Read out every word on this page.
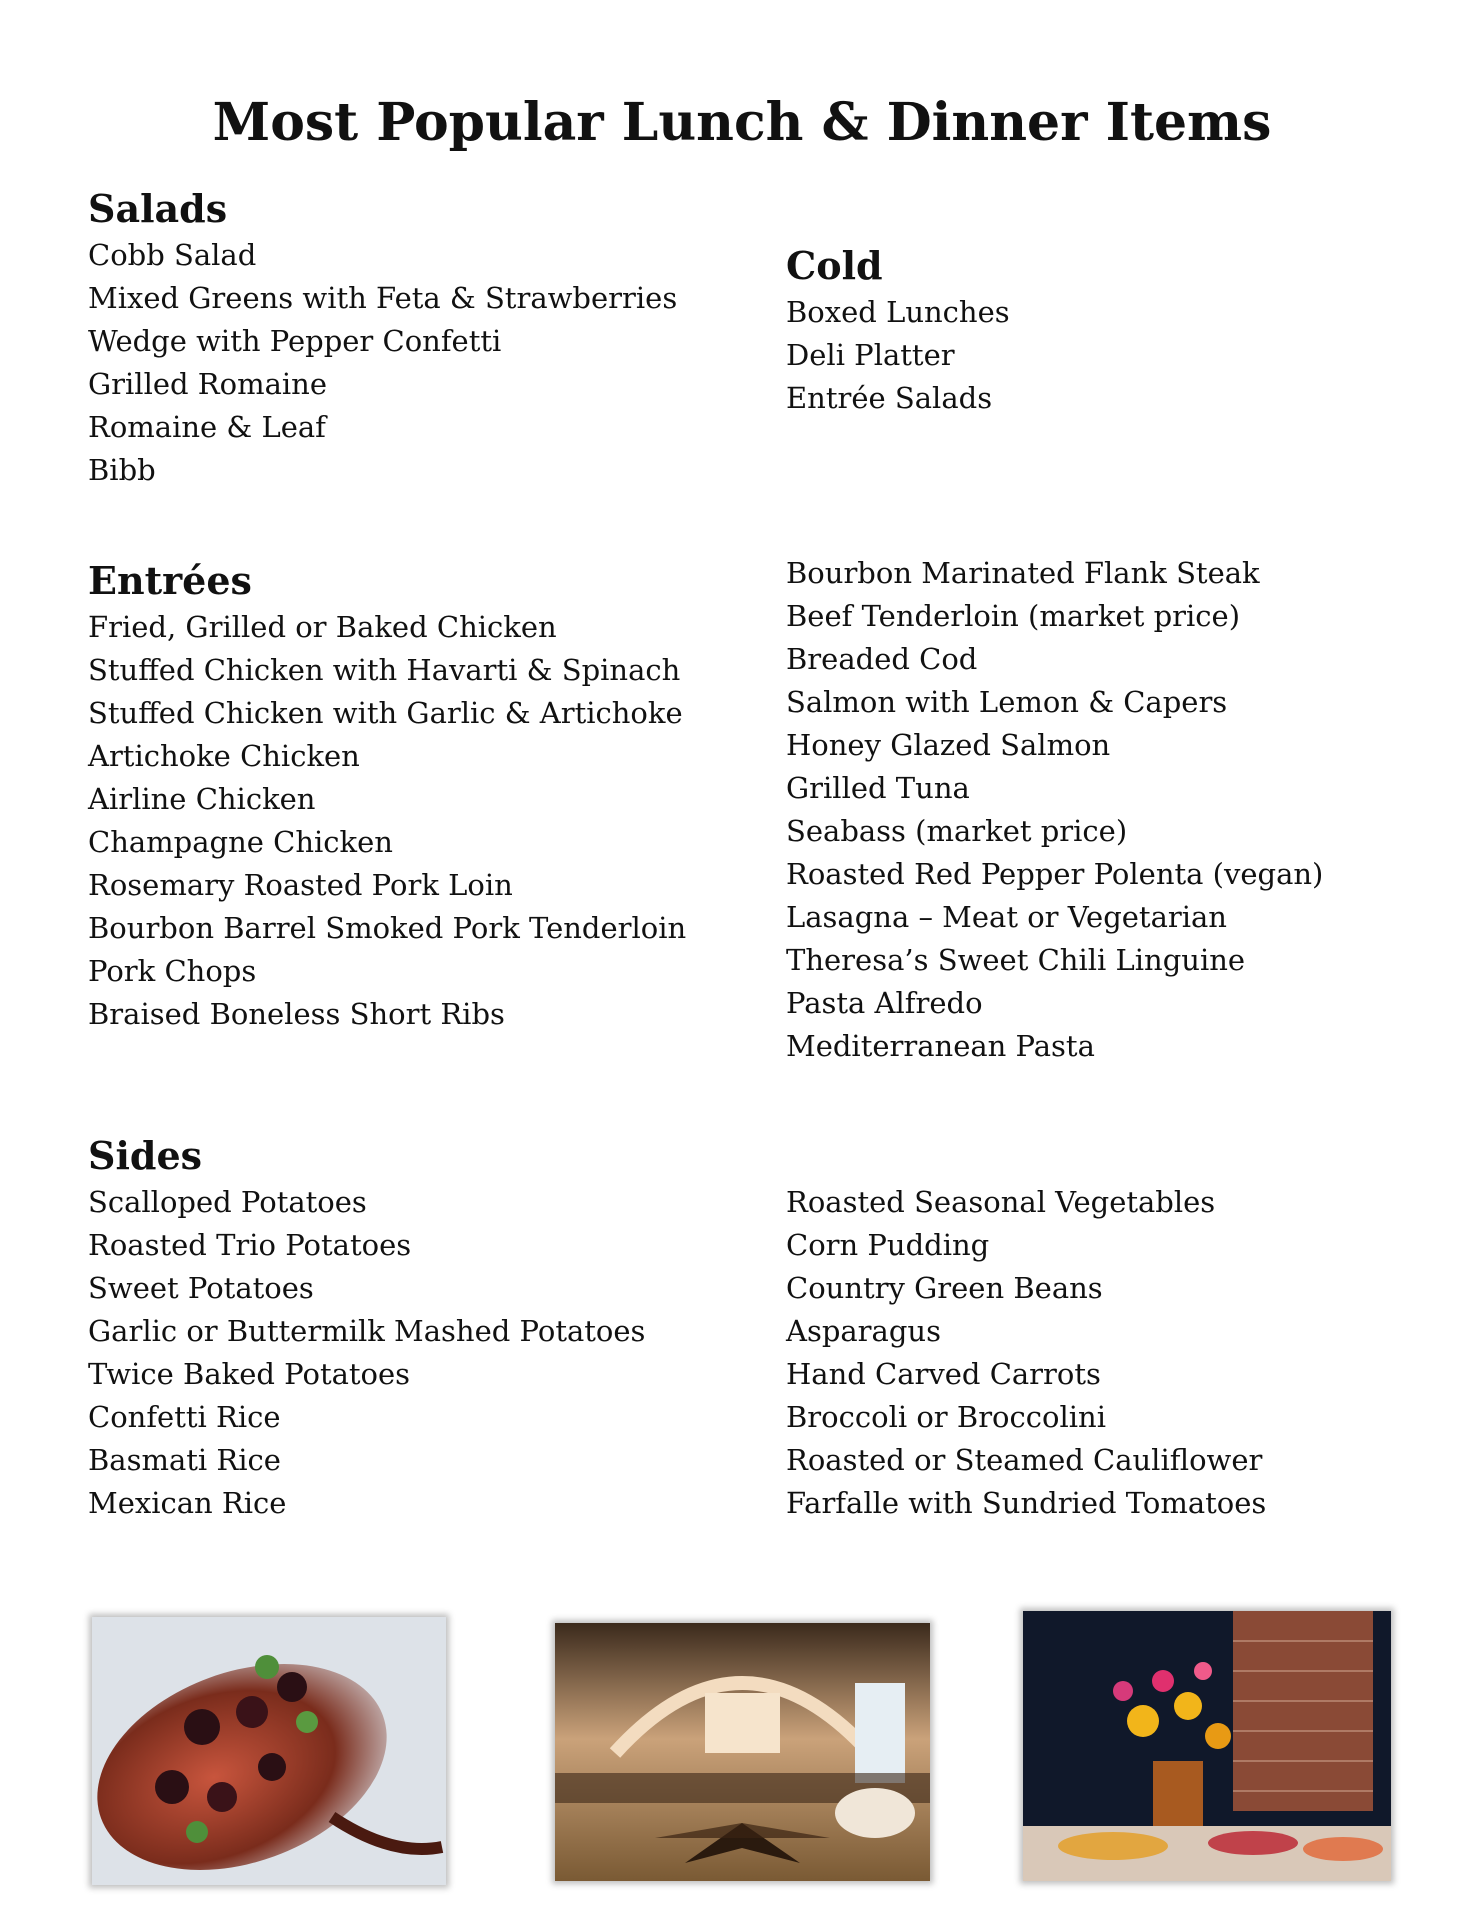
Most Popular Lunch & Dinner Items
Salads
Cobb Salad
Mixed Greens with Feta & Strawberries
Wedge with Pepper Confetti
Grilled Romaine
Romaine & Leaf
Bibb
Cold
Boxed Lunches
Deli Platter
Entrée Salads
Entrées
Fried, Grilled or Baked Chicken
Stuffed Chicken with Havarti & Spinach
Stuffed Chicken with Garlic & Artichoke
Artichoke Chicken
Airline Chicken
Champagne Chicken
Rosemary Roasted Pork Loin
Bourbon Barrel Smoked Pork Tenderloin
Pork Chops
Braised Boneless Short Ribs
Bourbon Marinated Flank Steak
Beef Tenderloin (market price)
Breaded Cod
Salmon with Lemon & Capers
Honey Glazed Salmon
Grilled Tuna
Seabass (market price)
Roasted Red Pepper Polenta (vegan)
Lasagna – Meat or Vegetarian
Theresa’s Sweet Chili Linguine
Pasta Alfredo
Mediterranean Pasta
Sides
Scalloped Potatoes
Roasted Trio Potatoes
Sweet Potatoes
Garlic or Buttermilk Mashed Potatoes
Twice Baked Potatoes
Confetti Rice
Basmati Rice
Mexican Rice
Roasted Seasonal Vegetables
Corn Pudding
Country Green Beans
Asparagus
Hand Carved Carrots
Broccoli or Broccolini
Roasted or Steamed Cauliflower
Farfalle with Sundried Tomatoes
